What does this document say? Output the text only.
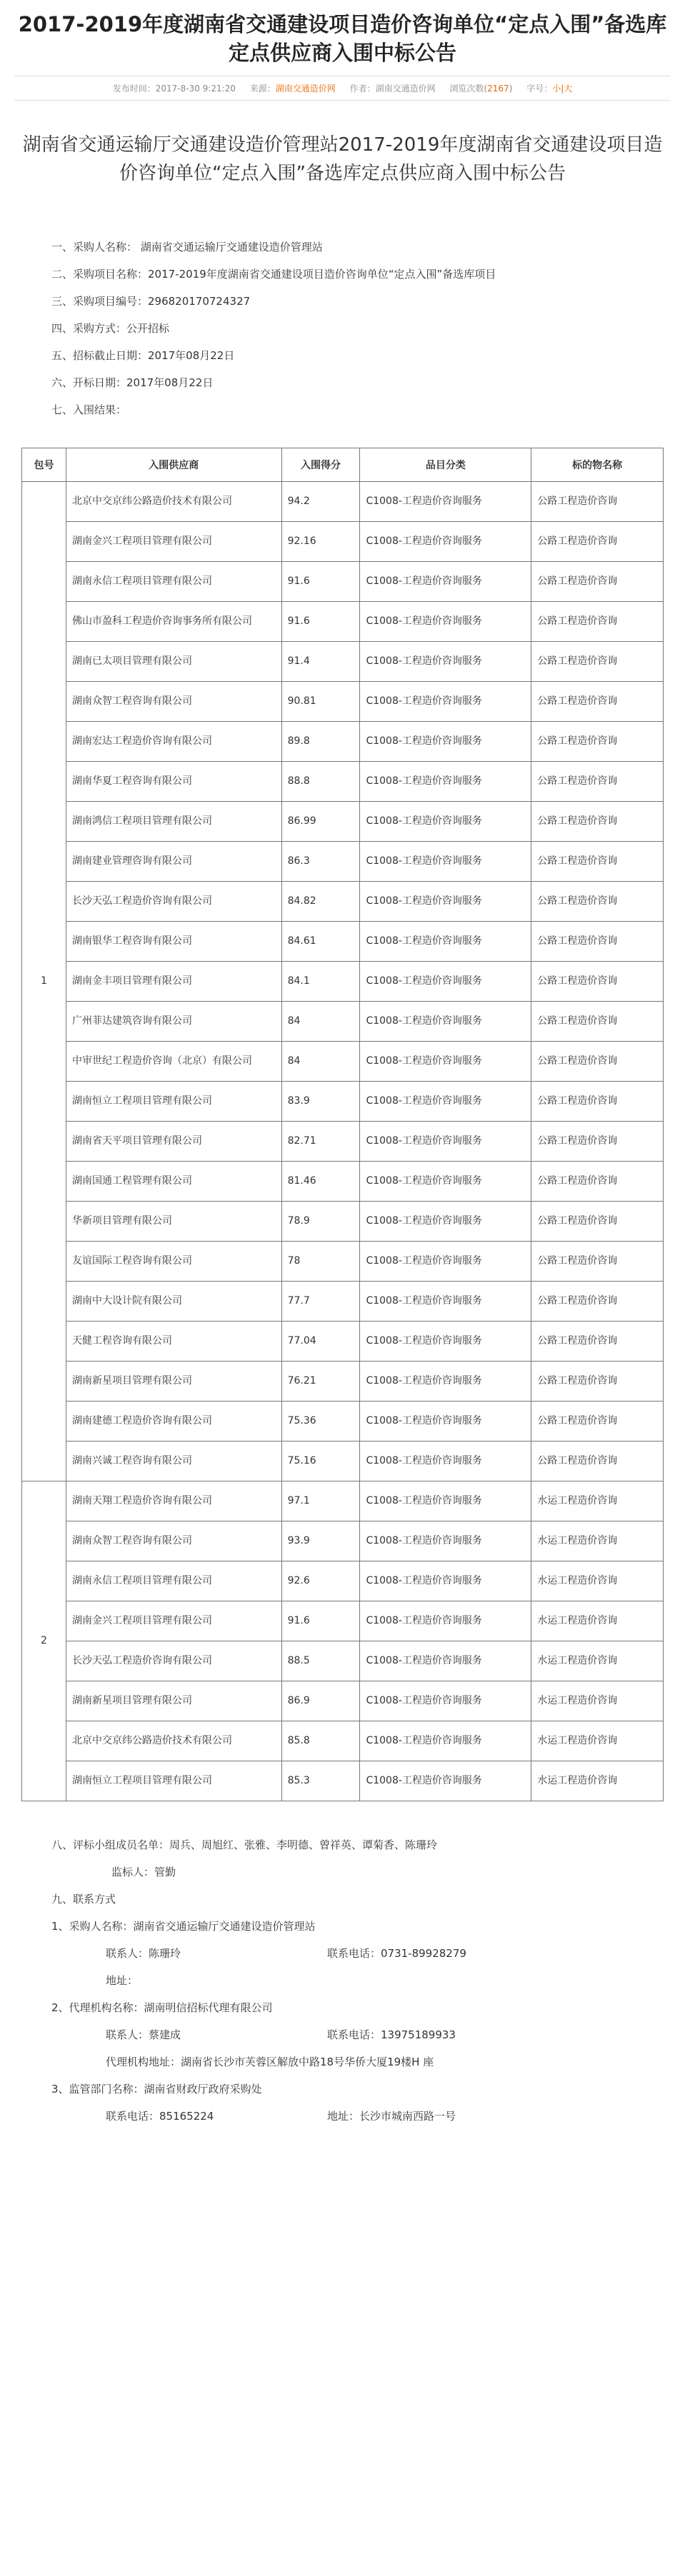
2017-2019年度湖南省交通建设项目造价咨询单位“定点入围”备选库定点供应商入围中标公告
发布时间：2017-8-30 9:21:20 来源：湖南交通造价网 作者：湖南交通造价网 浏览次数(2167) 字号：小|大
湖南省交通运输厅交通建设造价管理站2017-2019年度湖南省交通建设项目造价咨询单位“定点入围”备选库定点供应商入围中标公告
一、采购人名称： 湖南省交通运输厅交通建设造价管理站
二、采购项目名称：2017-2019年度湖南省交通建设项目造价咨询单位“定点入围”备选库项目
三、采购项目编号：296820170724327
四、采购方式：公开招标
五、招标截止日期：2017年08月22日
六、开标日期：2017年08月22日
七、入围结果：
包号	入围供应商	入围得分	品目分类	标的物名称
1	北京中交京纬公路造价技术有限公司	94.2	C1008-工程造价咨询服务	公路工程造价咨询
	湖南金兴工程项目管理有限公司	92.16	C1008-工程造价咨询服务	公路工程造价咨询
	湖南永信工程项目管理有限公司	91.6	C1008-工程造价咨询服务	公路工程造价咨询
	佛山市盈科工程造价咨询事务所有限公司	91.6	C1008-工程造价咨询服务	公路工程造价咨询
	湖南已太项目管理有限公司	91.4	C1008-工程造价咨询服务	公路工程造价咨询
	湖南众智工程咨询有限公司	90.81	C1008-工程造价咨询服务	公路工程造价咨询
	湖南宏达工程造价咨询有限公司	89.8	C1008-工程造价咨询服务	公路工程造价咨询
	湖南华夏工程咨询有限公司	88.8	C1008-工程造价咨询服务	公路工程造价咨询
	湖南鸿信工程项目管理有限公司	86.99	C1008-工程造价咨询服务	公路工程造价咨询
	湖南建业管理咨询有限公司	86.3	C1008-工程造价咨询服务	公路工程造价咨询
	长沙天弘工程造价咨询有限公司	84.82	C1008-工程造价咨询服务	公路工程造价咨询
	湖南银华工程咨询有限公司	84.61	C1008-工程造价咨询服务	公路工程造价咨询
	湖南金丰项目管理有限公司	84.1	C1008-工程造价咨询服务	公路工程造价咨询
	广州菲达建筑咨询有限公司	84	C1008-工程造价咨询服务	公路工程造价咨询
	中审世纪工程造价咨询（北京）有限公司	84	C1008-工程造价咨询服务	公路工程造价咨询
	湖南恒立工程项目管理有限公司	83.9	C1008-工程造价咨询服务	公路工程造价咨询
	湖南省天平项目管理有限公司	82.71	C1008-工程造价咨询服务	公路工程造价咨询
	湖南国通工程管理有限公司	81.46	C1008-工程造价咨询服务	公路工程造价咨询
	华新项目管理有限公司	78.9	C1008-工程造价咨询服务	公路工程造价咨询
	友谊国际工程咨询有限公司	78	C1008-工程造价咨询服务	公路工程造价咨询
	湖南中大设计院有限公司	77.7	C1008-工程造价咨询服务	公路工程造价咨询
	天健工程咨询有限公司	77.04	C1008-工程造价咨询服务	公路工程造价咨询
	湖南新星项目管理有限公司	76.21	C1008-工程造价咨询服务	公路工程造价咨询
	湖南建德工程造价咨询有限公司	75.36	C1008-工程造价咨询服务	公路工程造价咨询
	湖南兴诚工程咨询有限公司	75.16	C1008-工程造价咨询服务	公路工程造价咨询
2	湖南天翔工程造价咨询有限公司	97.1	C1008-工程造价咨询服务	水运工程造价咨询
	湖南众智工程咨询有限公司	93.9	C1008-工程造价咨询服务	水运工程造价咨询
	湖南永信工程项目管理有限公司	92.6	C1008-工程造价咨询服务	水运工程造价咨询
	湖南金兴工程项目管理有限公司	91.6	C1008-工程造价咨询服务	水运工程造价咨询
	长沙天弘工程造价咨询有限公司	88.5	C1008-工程造价咨询服务	水运工程造价咨询
	湖南新星项目管理有限公司	86.9	C1008-工程造价咨询服务	水运工程造价咨询
	北京中交京纬公路造价技术有限公司	85.8	C1008-工程造价咨询服务	水运工程造价咨询
	湖南恒立工程项目管理有限公司	85.3	C1008-工程造价咨询服务	水运工程造价咨询
八、评标小组成员名单：周兵、周旭红、张雅、李明德、曾祥英、谭菊香、陈珊玲
监标人：管勤
九、联系方式
1、采购人名称：湖南省交通运输厅交通建设造价管理站
联系人：陈珊玲	联系电话：0731-89928279
地址：
2、代理机构名称：湖南明信招标代理有限公司
联系人：蔡建成	联系电话：13975189933
代理机构地址：湖南省长沙市芙蓉区解放中路18号华侨大厦19楼H 座
3、监管部门名称：湖南省财政厅政府采购处
联系电话：85165224	地址：长沙市城南西路一号
